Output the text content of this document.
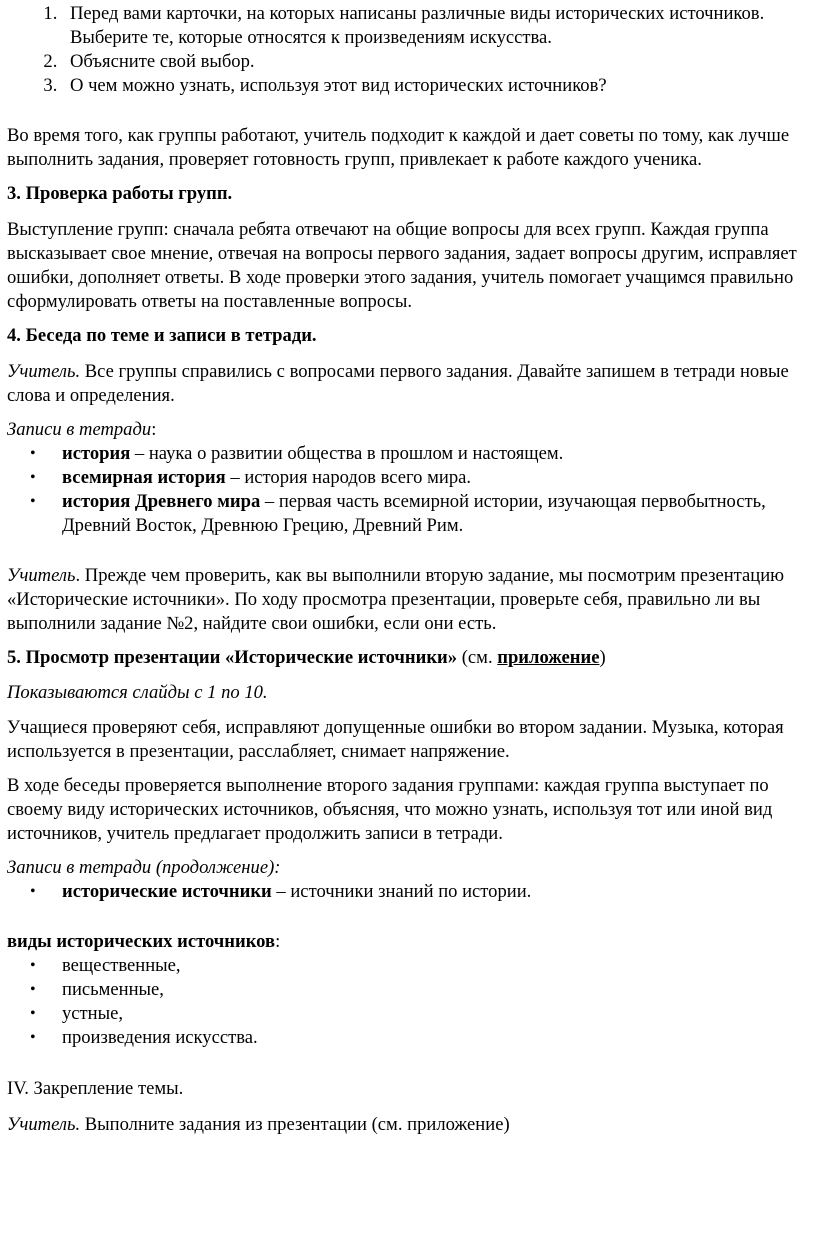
1. Перед вами карточки, на которых написаны различные виды исторических источников. Выберите те, которые относятся к произведениям искусства.
2. Объясните свой выбор.
3. О чем можно узнать, используя этот вид исторических источников?

Во время того, как группы работают, учитель подходит к каждой и дает советы по тому, как лучше выполнить задания, проверяет готовность групп, привлекает к работе каждого ученика.

3. Проверка работы групп.

Выступление групп: сначала ребята отвечают на общие вопросы для всех групп. Каждая группа высказывает свое мнение, отвечая на вопросы первого задания, задает вопросы другим, исправляет ошибки, дополняет ответы. В ходе проверки этого задания, учитель помогает учащимся правильно сформулировать ответы на поставленные вопросы.

4. Беседа по теме и записи в тетради.

Учитель. Все группы справились с вопросами первого задания. Давайте запишем в тетради новые слова и определения.

Записи в тетради:

• история – наука о развитии общества в прошлом и настоящем.
• всемирная история – история народов всего мира.
• история Древнего мира – первая часть всемирной истории, изучающая первобытность, Древний Восток, Древнюю Грецию, Древний Рим.

Учитель. Прежде чем проверить, как вы выполнили вторую задание, мы посмотрим презентацию «Исторические источники». По ходу просмотра презентации, проверьте себя, правильно ли вы выполнили задание №2, найдите свои ошибки, если они есть.

5. Просмотр презентации «Исторические источники» (см. приложение)

Показываются слайды с 1 по 10.

Учащиеся проверяют себя, исправляют допущенные ошибки во втором задании. Музыка, которая используется в презентации, расслабляет, снимает напряжение.

В ходе беседы проверяется выполнение второго задания группами: каждая группа выступает по своему виду исторических источников, объясняя, что можно узнать, используя тот или иной вид источников, учитель предлагает продолжить записи в тетради.

Записи в тетради (продолжение):

• исторические источники – источники знаний по истории.

виды исторических источников:

• вещественные,
• письменные,
• устные,
• произведения искусства.

IV. Закрепление темы.

Учитель. Выполните задания из презентации (см. приложение)
